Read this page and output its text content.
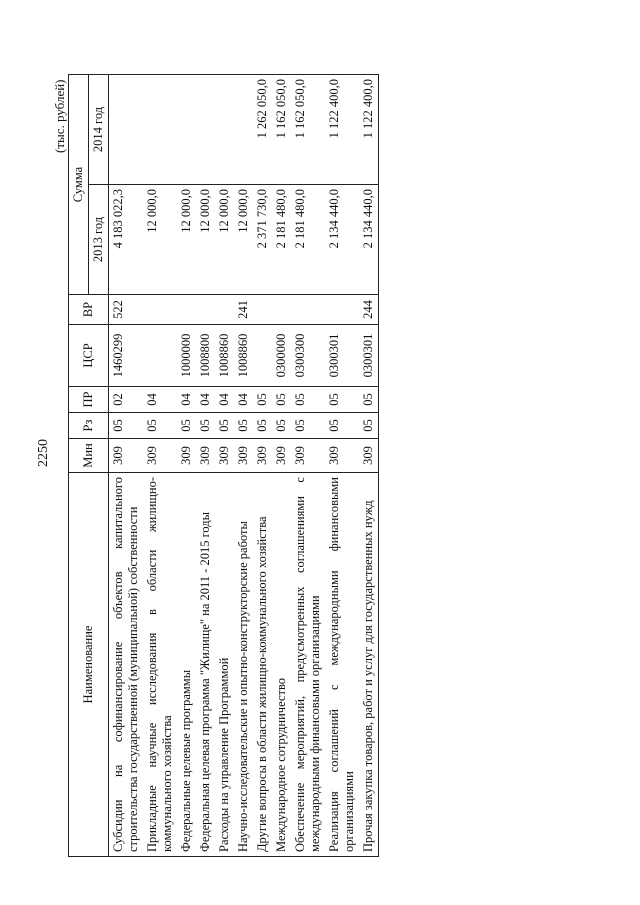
2250
(тыс. рублей)
Наименование	Мин	Рз	ПР	ЦСР	ВР	Сумма	
						2013 год	2014 год
Субсидии на софинансирование объектов капитального строительства государственной (муниципальной) собственности	309	05	02	1460299	522	4 183 022,3	
Прикладные научные исследования в области жилищно-коммунального хозяйства	309	05	04			12 000,0	
Федеральные целевые программы	309	05	04	1000000		12 000,0	
Федеральная целевая программа "Жилище" на 2011 - 2015 годы	309	05	04	1008800		12 000,0	
Расходы на управление Программой	309	05	04	1008860		12 000,0	
Научно-исследовательские и опытно-конструкторские работы	309	05	04	1008860	241	12 000,0	
Другие вопросы в области жилищно-коммунального хозяйства	309	05	05			2 371 730,0	1 262 050,0
Международное сотрудничество	309	05	05	0300000		2 181 480,0	1 162 050,0
Обеспечение мероприятий, предусмотренных соглашениями с международными финансовыми организациями	309	05	05	0300300		2 181 480,0	1 162 050,0
Реализация соглашений с международными финансовыми организациями	309	05	05	0300301		2 134 440,0	1 122 400,0
Прочая закупка товаров, работ и услуг для государственных нужд	309	05	05	0300301	244	2 134 440,0	1 122 400,0
